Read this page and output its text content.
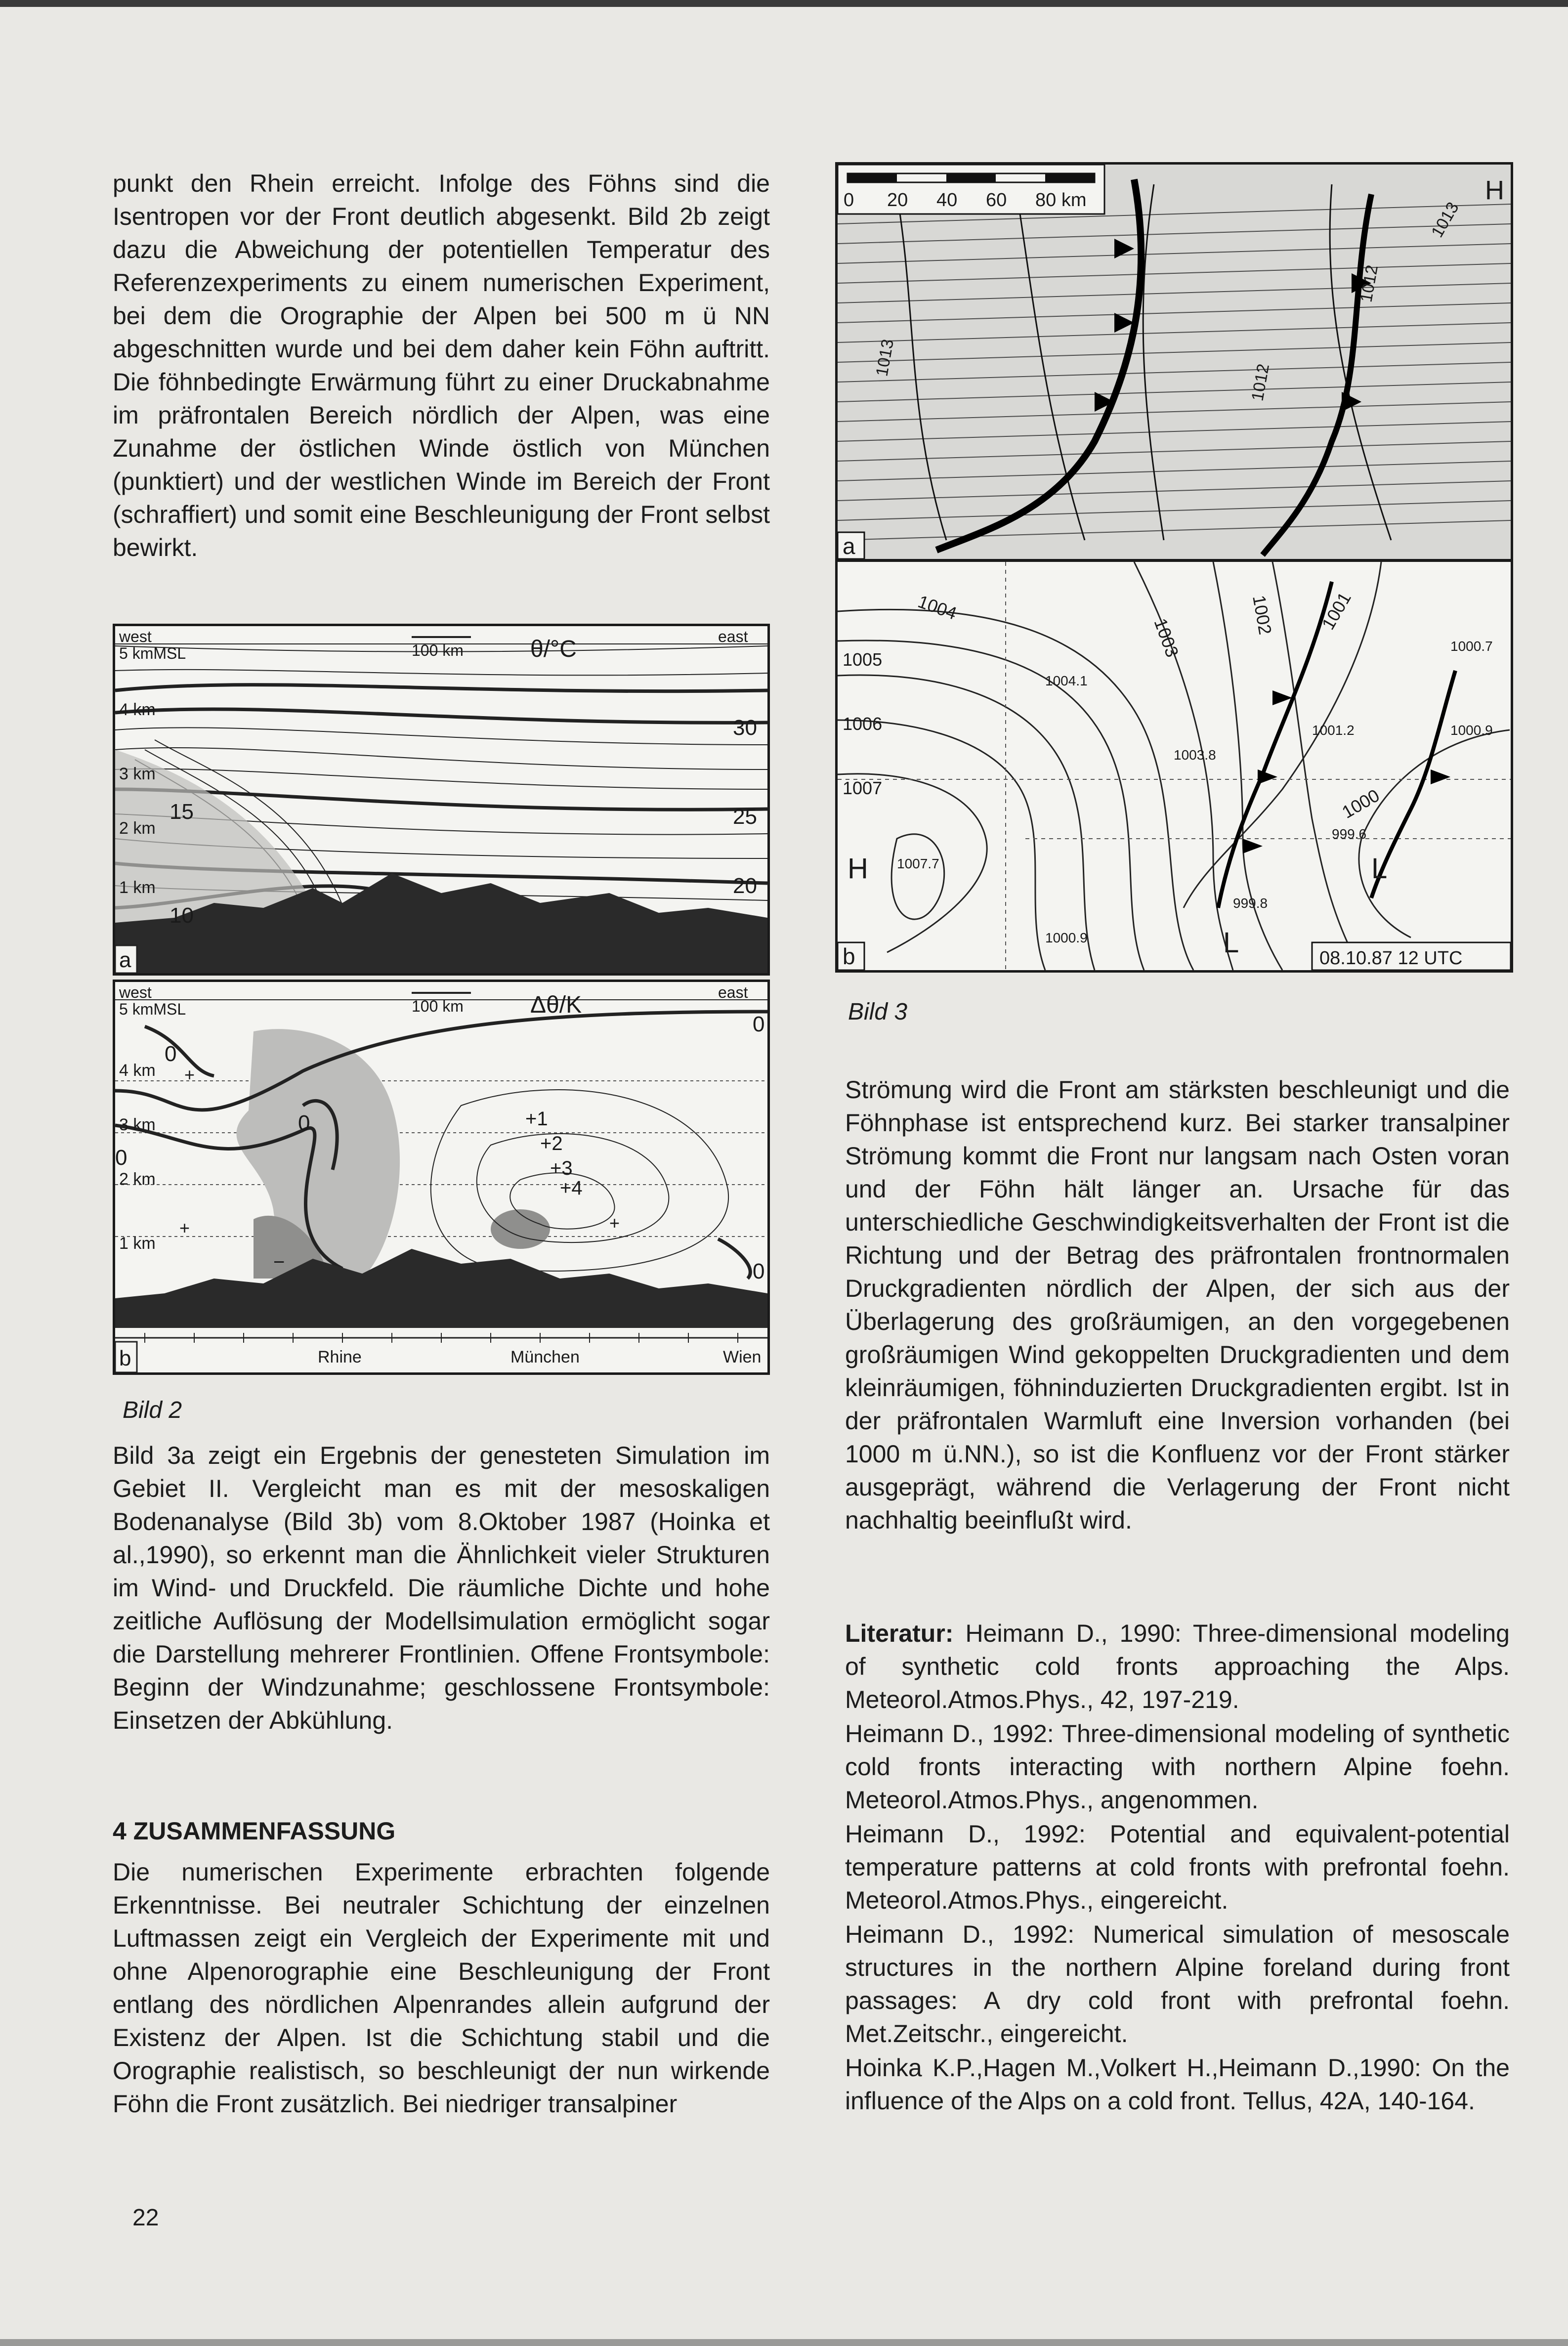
punkt den Rhein erreicht. Infolge des Föhns sind die Isentropen vor der Front deutlich abgesenkt. Bild 2b zeigt dazu die Abweichung der potentiellen Temperatur des Referenzexperiments zu einem numerischen Experiment, bei dem die Orographie der Alpen bei 500 m ü NN abgeschnitten wurde und bei dem daher kein Föhn auftritt. Die föhnbedingte Erwärmung führt zu einer Druckabnahme im präfrontalen Bereich nördlich der Alpen, was eine Zunahme der östlichen Winde östlich von München (punktiert) und der westlichen Winde im Bereich der Front (schraffiert) und somit eine Beschleunigung der Front selbst bewirkt.

west
5 kmMSL
east
100 km	θ/°C
4 km
3 km
2 km
1 km
30
25
20
15
10
a
west
5 kmMSL
east
100 km	Δθ/K
4 km
3 km
2 km
1 km
0
0
0
0
0
+1
+2
+3
+4
+
+	+
−
Rhine	München	Wien
b
Bild 2

Bild 3a zeigt ein Ergebnis der genesteten Simulation im Gebiet II. Vergleicht man es mit der mesoskaligen Bodenanalyse (Bild 3b) vom 8.Oktober 1987 (Hoinka et al.,1990), so erkennt man die Ähnlichkeit vieler Strukturen im Wind- und Druckfeld. Die räumliche Dichte und hohe zeitliche Auflösung der Modellsimulation ermöglicht sogar die Darstellung mehrerer Frontlinien. Offene Frontsymbole: Beginn der Windzunahme; geschlossene Frontsymbole: Einsetzen der Abkühlung.

4 ZUSAMMENFASSUNG

Die numerischen Experimente erbrachten folgende Erkenntnisse. Bei neutraler Schichtung der einzelnen Luftmassen zeigt ein Vergleich der Experimente mit und ohne Alpenorographie eine Beschleunigung der Front entlang des nördlichen Alpenrandes allein aufgrund der Existenz der Alpen. Ist die Schichtung stabil und die Orographie realistisch, so beschleunigt der nun wirkende Föhn die Front zusätzlich. Bei niedriger transalpiner

0 20 40 60 80 km	H
1013
1012
1012
1013
a
1004
1003
1002 1001
1000
1005
1006
1007
1004.1
1003.8
1007.7
1000.9
999.8
999.6
1000.7
1001.2	1000.9
H	L
L	08.10.87 12 UTC
b
Bild 3

Strömung wird die Front am stärksten beschleunigt und die Föhnphase ist entsprechend kurz. Bei starker transalpiner Strömung kommt die Front nur langsam nach Osten voran und der Föhn hält länger an. Ursache für das unterschiedliche Geschwindigkeitsverhalten der Front ist die Richtung und der Betrag des präfrontalen frontnormalen Druckgradienten nördlich der Alpen, der sich aus der Überlagerung des großräumigen, an den vorgegebenen großräumigen Wind gekoppelten Druckgradienten und dem kleinräumigen, föhninduzierten Druckgradienten ergibt. Ist in der präfrontalen Warmluft eine Inversion vorhanden (bei 1000 m ü.NN.), so ist die Konfluenz vor der Front stärker ausgeprägt, während die Verlagerung der Front nicht nachhaltig beeinflußt wird.

Literatur: Heimann D., 1990: Three-dimensional modeling of synthetic cold fronts approaching the Alps. Meteorol.Atmos.Phys., 42, 197-219.

Heimann D., 1992: Three-dimensional modeling of synthetic cold fronts interacting with northern Alpine foehn. Meteorol.Atmos.Phys., angenommen.

Heimann D., 1992: Potential and equivalent-potential temperature patterns at cold fronts with prefrontal foehn. Meteorol.Atmos.Phys., eingereicht.

Heimann D., 1992: Numerical simulation of mesoscale structures in the northern Alpine foreland during front passages: A dry cold front with prefrontal foehn. Met.Zeitschr., eingereicht.

Hoinka K.P.,Hagen M.,Volkert H.,Heimann D.,1990: On the influence of the Alps on a cold front. Tellus, 42A, 140-164.

22
